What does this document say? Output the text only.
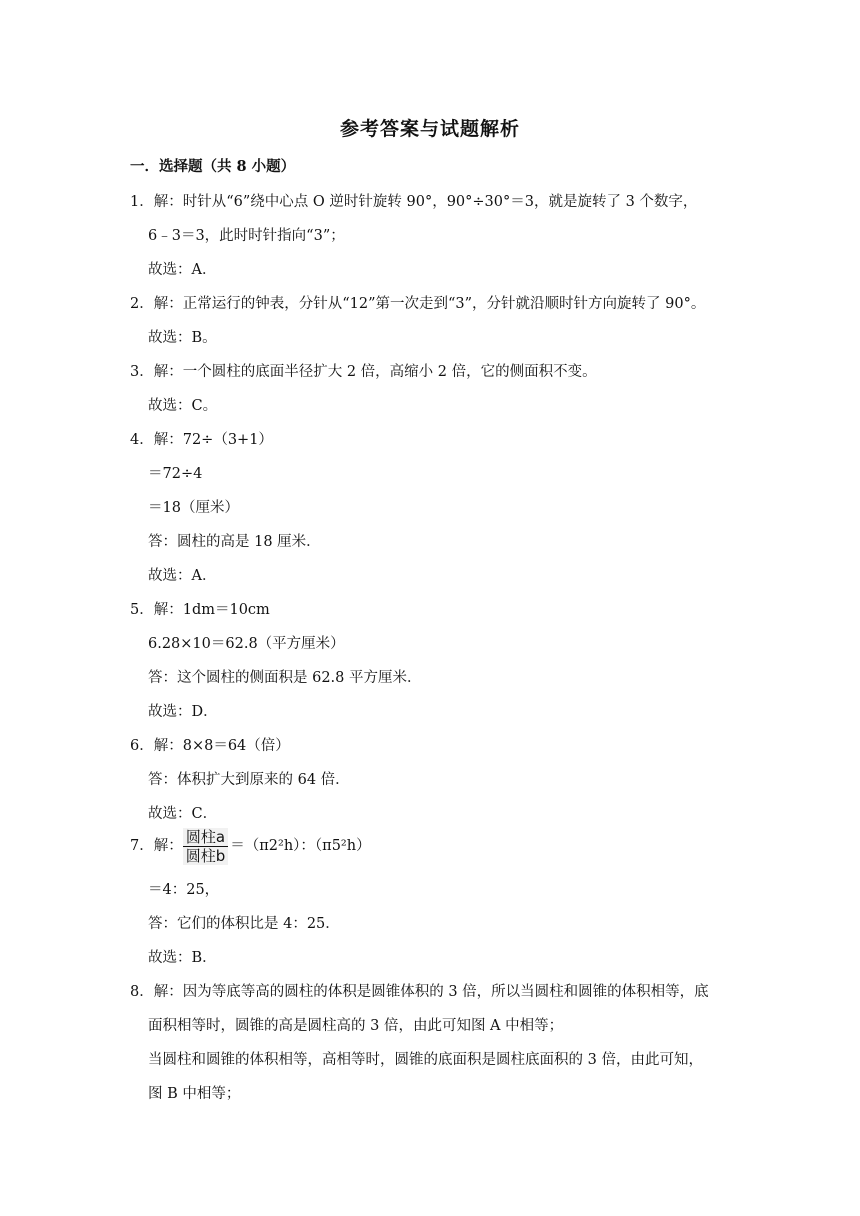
参考答案与试题解析
一．选择题（共 8 小题）
1．解：时针从“6”绕中心点 O 逆时针旋转 90°，90°÷30°＝3，就是旋转了 3 个数字，
6﹣3＝3，此时时针指向“3”；
故选：A．
2．解：正常运行的钟表，分针从“12”第一次走到“3”，分针就沿顺时针方向旋转了 90°。
故选：B。
3．解：一个圆柱的底面半径扩大 2 倍，高缩小 2 倍，它的侧面积不变。
故选：C。
4．解：72÷（3+1）
＝72÷4
＝18（厘米）
答：圆柱的高是 18 厘米．
故选：A．
5．解：1dm＝10cm
6.28×10＝62.8（平方厘米）
答：这个圆柱的侧面积是 62.8 平方厘米．
故选：D．
6．解：8×8＝64（倍）
答：体积扩大到原来的 64 倍．
故选：C．
7．解： $\frac{\text{圆柱a}}{\text{圆柱b}} =(\pi 2^2h)$：（π5²h）
＝4：25，
答：它们的体积比是 4：25．
故选：B．
8．解：因为等底等高的圆柱的体积是圆锥体积的 3 倍，所以当圆柱和圆锥的体积相等，底
面积相等时，圆锥的高是圆柱高的 3 倍，由此可知图 A 中相等；
当圆柱和圆锥的体积相等，高相等时，圆锥的底面积是圆柱底面积的 3 倍，由此可知，
图 B 中相等；
